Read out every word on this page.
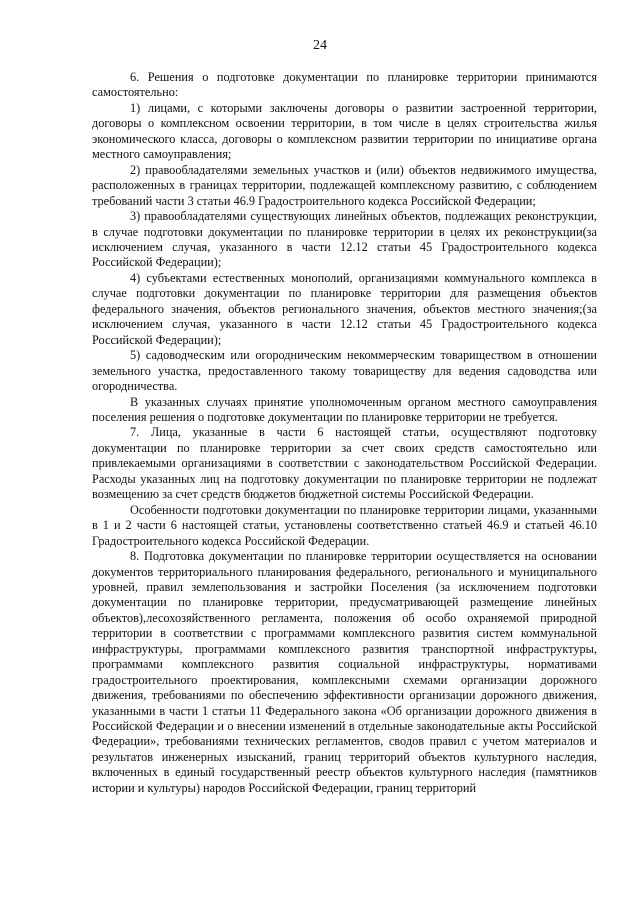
24

6. Решения о подготовке документации по планировке территории принимаются самостоятельно:

1) лицами, с которыми заключены договоры о развитии застроенной территории, договоры о комплексном освоении территории, в том числе в целях строительства жилья экономического класса, договоры о комплексном развитии территории по инициативе органа местного самоуправления;

2) правообладателями земельных участков и (или) объектов недвижимого имущества, расположенных в границах территории, подлежащей комплексному развитию, с соблюдением требований части 3 статьи 46.9 Градостроительного кодекса Российской Федерации;

3) правообладателями существующих линейных объектов, подлежащих реконструкции, в случае подготовки документации по планировке территории в целях их реконструкции(за исключением случая, указанного в части 12.12 статьи 45 Градостроительного кодекса Российской Федерации);

4) субъектами естественных монополий, организациями коммунального комплекса в случае подготовки документации по планировке территории для размещения объектов федерального значения, объектов регионального значения, объектов местного значения;(за исключением случая, указанного в части 12.12 статьи 45 Градостроительного кодекса Российской Федерации);

5) садоводческим или огородническим некоммерческим товариществом в отношении земельного участка, предоставленного такому товариществу для ведения садоводства или огородничества.

В указанных случаях принятие уполномоченным органом местного самоуправления поселения решения о подготовке документации по планировке территории не требуется.

7. Лица, указанные в части 6 настоящей статьи, осуществляют подготовку документации по планировке территории за счет своих средств самостоятельно или привлекаемыми организациями в соответствии с законодательством Российской Федерации. Расходы указанных лиц на подготовку документации по планировке территории не подлежат возмещению за счет средств бюджетов бюджетной системы Российской Федерации.

Особенности подготовки документации по планировке территории лицами, указанными в 1 и 2 части 6 настоящей статьи, установлены соответственно статьей 46.9 и статьей 46.10 Градостроительного кодекса Российской Федерации.

8. Подготовка документации по планировке территории осуществляется на основании документов территориального планирования федерального, регионального и муниципального уровней, правил землепользования и застройки Поселения (за исключением подготовки документации по планировке территории, предусматривающей размещение линейных объектов),лесохозяйственного регламента, положения об особо охраняемой природной территории в соответствии с программами комплексного развития систем коммунальной инфраструктуры, программами комплексного развития транспортной инфраструктуры, программами комплексного развития социальной инфраструктуры, нормативами градостроительного проектирования, комплексными схемами организации дорожного движения, требованиями по обеспечению эффективности организации дорожного движения, указанными в части 1 статьи 11 Федерального закона «Об организации дорожного движения в Российской Федерации и о внесении изменений в отдельные законодательные акты Российской Федерации», требованиями технических регламентов, сводов правил с учетом материалов и результатов инженерных изысканий, границ территорий объектов культурного наследия, включенных в единый государственный реестр объектов культурного наследия (памятников истории и культуры) народов Российской Федерации, границ территорий
